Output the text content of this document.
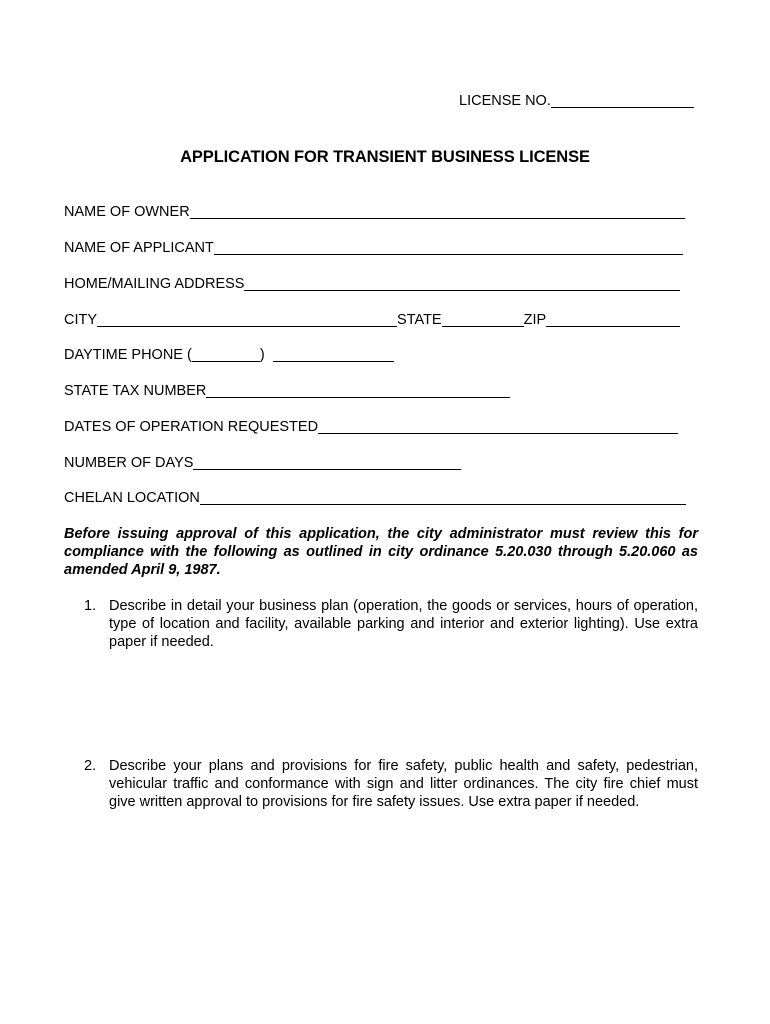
LICENSE NO.
APPLICATION FOR TRANSIENT BUSINESS LICENSE
NAME OF OWNER
NAME OF APPLICANT
HOME/MAILING ADDRESS
CITY	STATE	ZIP
DAYTIME PHONE (	)
STATE TAX NUMBER
DATES OF OPERATION REQUESTED
NUMBER OF DAYS
CHELAN LOCATION
Before issuing approval of this application, the city administrator must review this for compliance with the following as outlined in city ordinance 5.20.030 through 5.20.060 as amended April 9, 1987.
1. Describe in detail your business plan (operation, the goods or services, hours of operation, type of location and facility, available parking and interior and exterior lighting). Use extra paper if needed.
2. Describe your plans and provisions for fire safety, public health and safety, pedestrian, vehicular traffic and conformance with sign and litter ordinances. The city fire chief must give written approval to provisions for fire safety issues. Use extra paper if needed.
